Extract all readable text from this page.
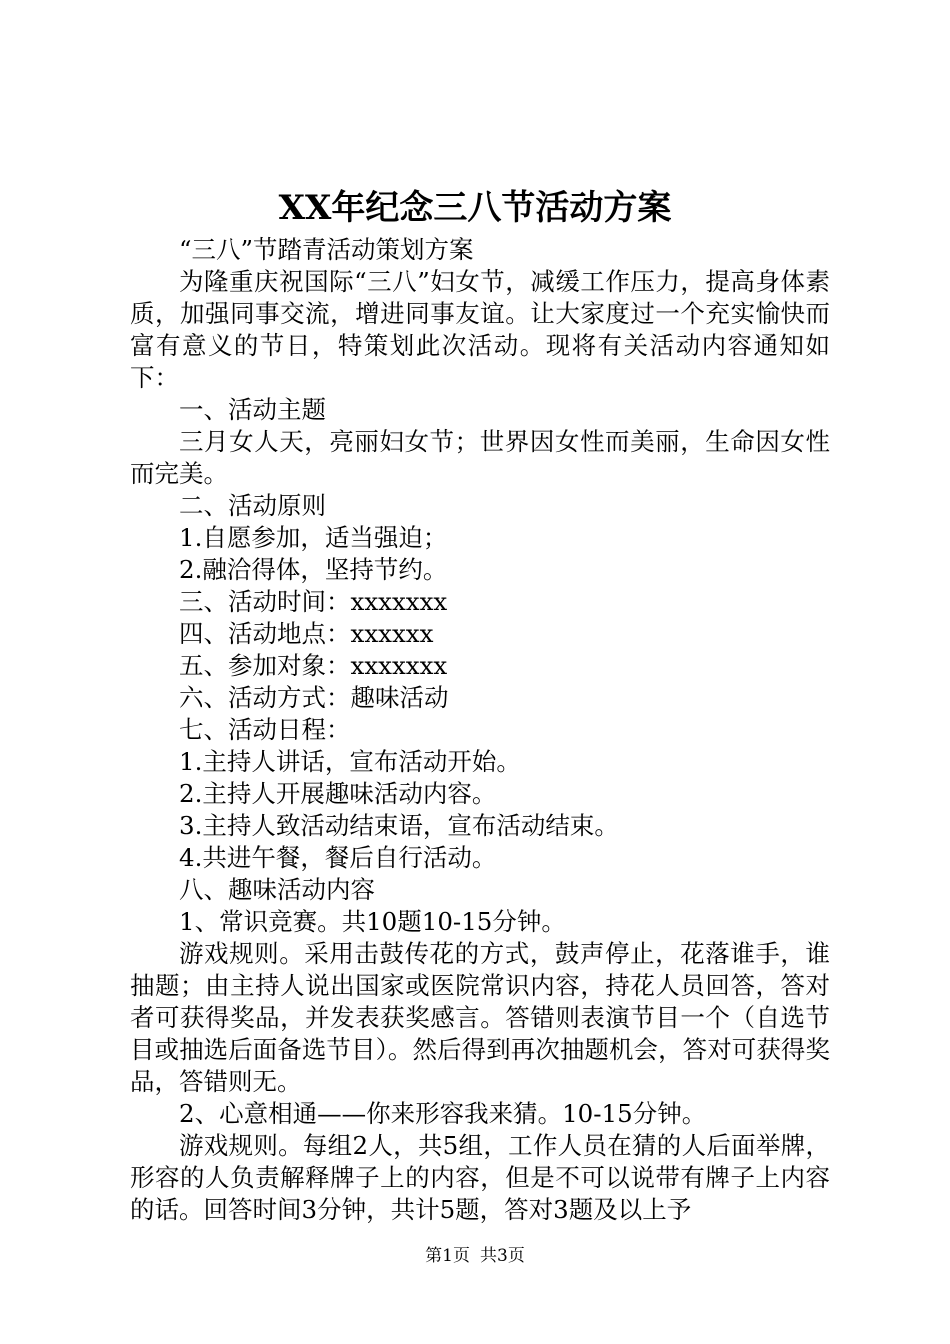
XX年纪念三八节活动方案

“三八”节踏青活动策划方案

为隆重庆祝国际“三八”妇女节，减缓工作压力，提高身体素质，加强同事交流，增进同事友谊。让大家度过一个充实愉快而富有意义的节日，特策划此次活动。现将有关活动内容通知如下：

一、活动主题

三月女人天，亮丽妇女节；世界因女性而美丽，生命因女性而完美。

二、活动原则

1.自愿参加，适当强迫；

2.融洽得体，坚持节约。

三、活动时间：xxxxxxx

四、活动地点：xxxxxx

五、参加对象：xxxxxxx

六、活动方式：趣味活动

七、活动日程：

1.主持人讲话，宣布活动开始。

2.主持人开展趣味活动内容。

3.主持人致活动结束语，宣布活动结束。

4.共进午餐，餐后自行活动。

八、趣味活动内容

1、常识竞赛。共10题10-15分钟。

游戏规则。采用击鼓传花的方式，鼓声停止，花落谁手，谁抽题；由主持人说出国家或医院常识内容，持花人员回答，答对者可获得奖品，并发表获奖感言。答错则表演节目一个（自选节目或抽选后面备选节目）。然后得到再次抽题机会，答对可获得奖品，答错则无。

2、心意相通——你来形容我来猜。10-15分钟。

游戏规则。每组2人，共5组，工作人员在猜的人后面举牌，形容的人负责解释牌子上的内容，但是不可以说带有牌子上内容的话。回答时间3分钟，共计5题，答对3题及以上予

第1页 共3页
